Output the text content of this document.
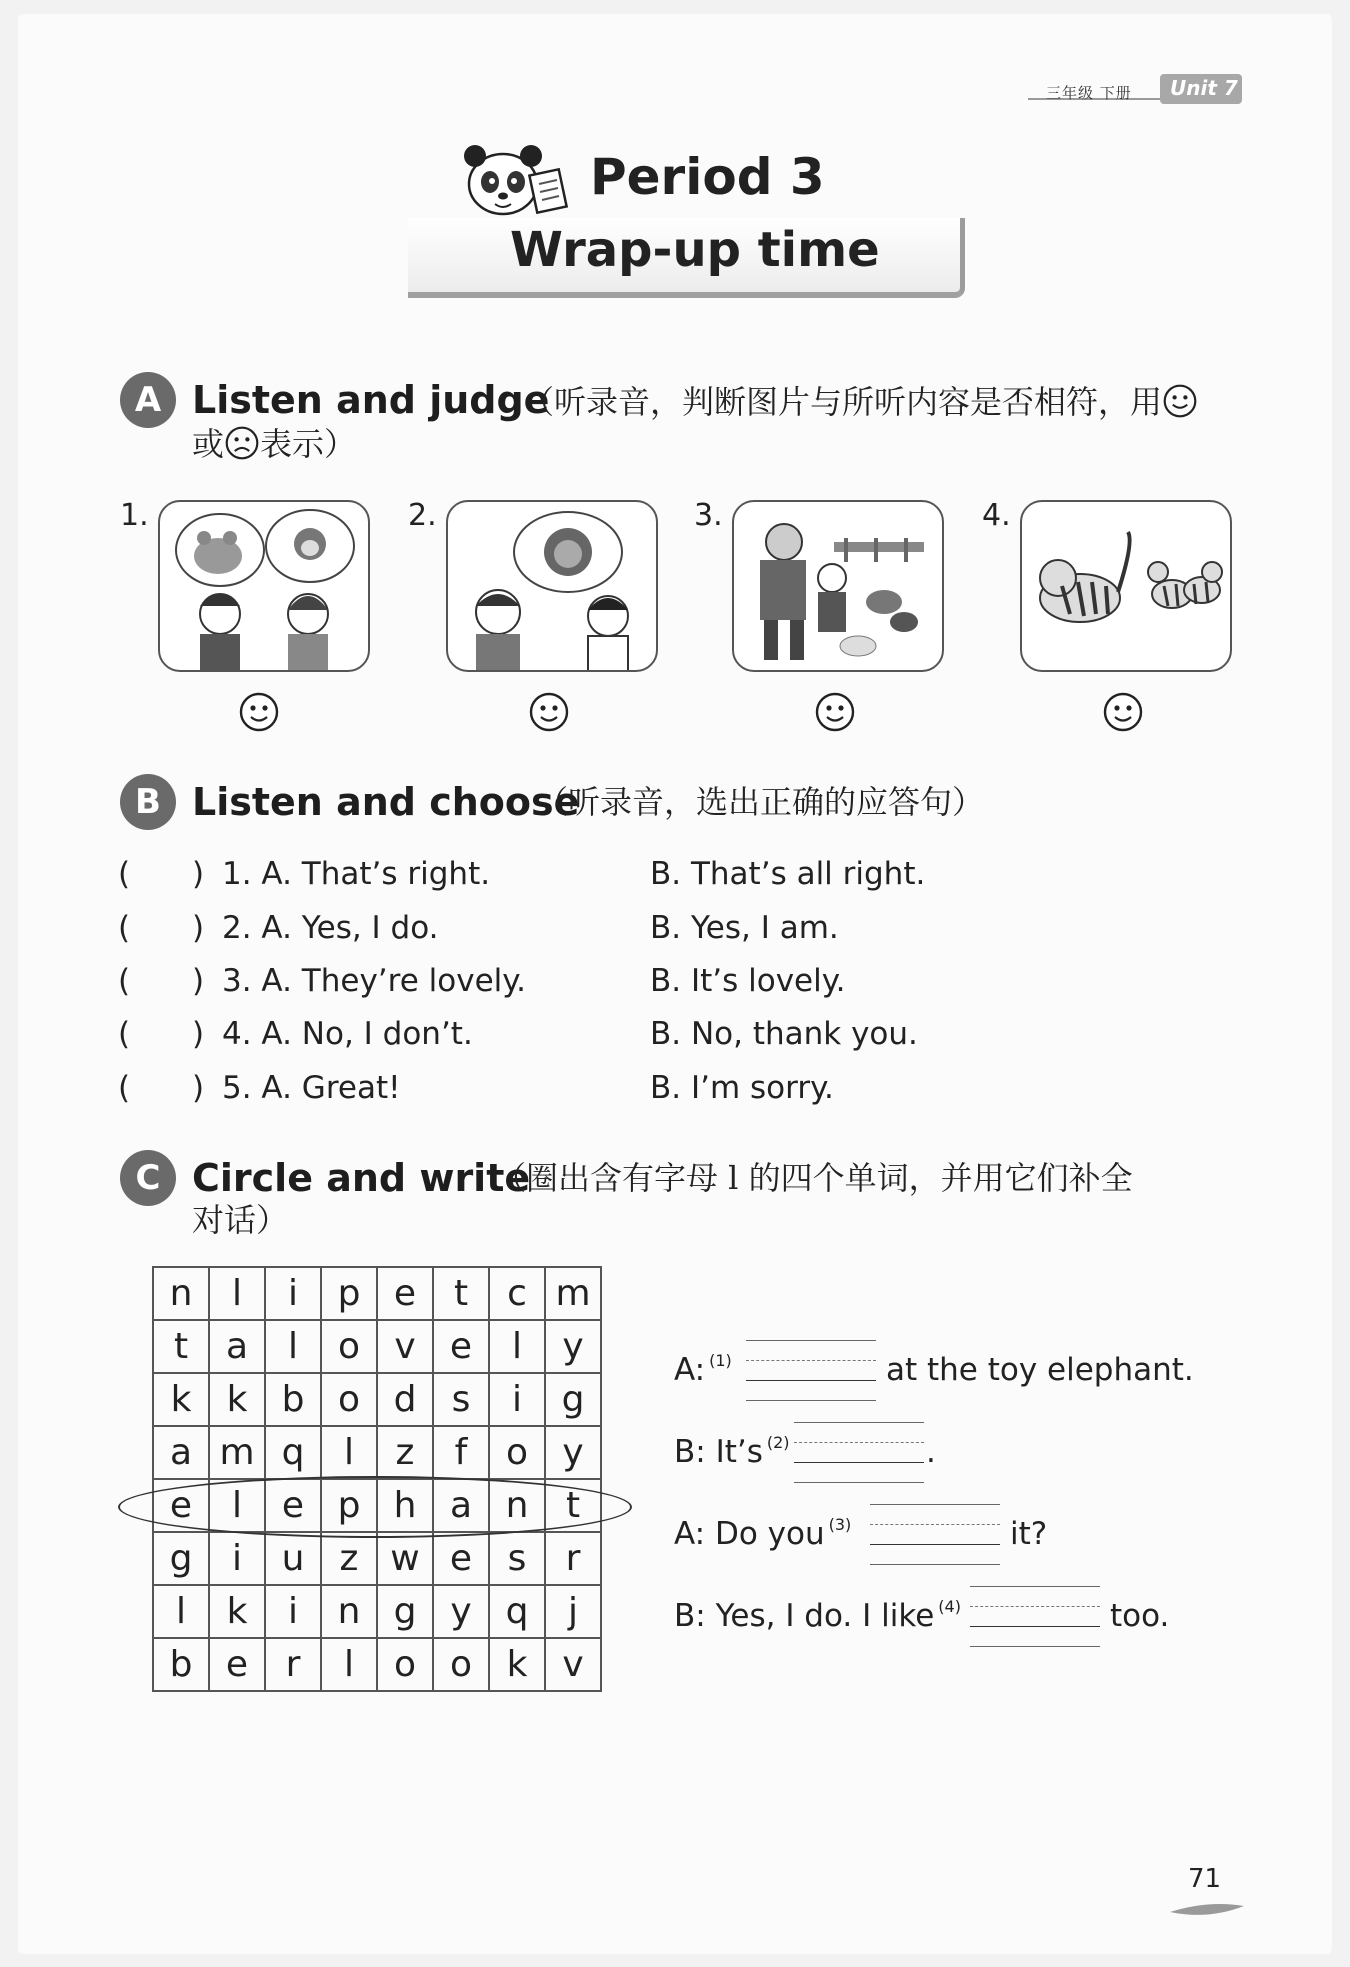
三年级 下册 Unit 7
Period 3
Wrap-up time
A Listen and judge
（听录音，判断图片与所听内容是否相符，用
或 表示）
1.	2.	3.	4.
B Listen and choose
（听录音，选出正确的应答句）
( ) 1. A. That’s right.	B. That’s all right.
( ) 2. A. Yes, I do.	B. Yes, I am.
( ) 3. A. They’re lovely.	B. It’s lovely.
( ) 4. A. No, I don’t.	B. No, thank you.
( ) 5. A. Great!	B. I’m sorry.
C Circle and write
（圈出含有字母 l 的四个单词，并用它们补全
对话）
n	l	i	p	e	t	c	m
t	a	l	o	v	e	l	y
k	k	b	o	d	s	i	g
a	m	q	l	z	f	o	y
e	l	e	p	h	a	n	t
g	i	u	z	w	e	s	r
l	k	i	n	g	y	q	j
b	e	r	l	o	o	k	v
A: $^{(1)}$	at the toy elephant.
B: It’s $^{(2)}$	.
A: Do you $^{(3)}$	it?
B: Yes, I do. I like $^{(4)}$	too.
71
